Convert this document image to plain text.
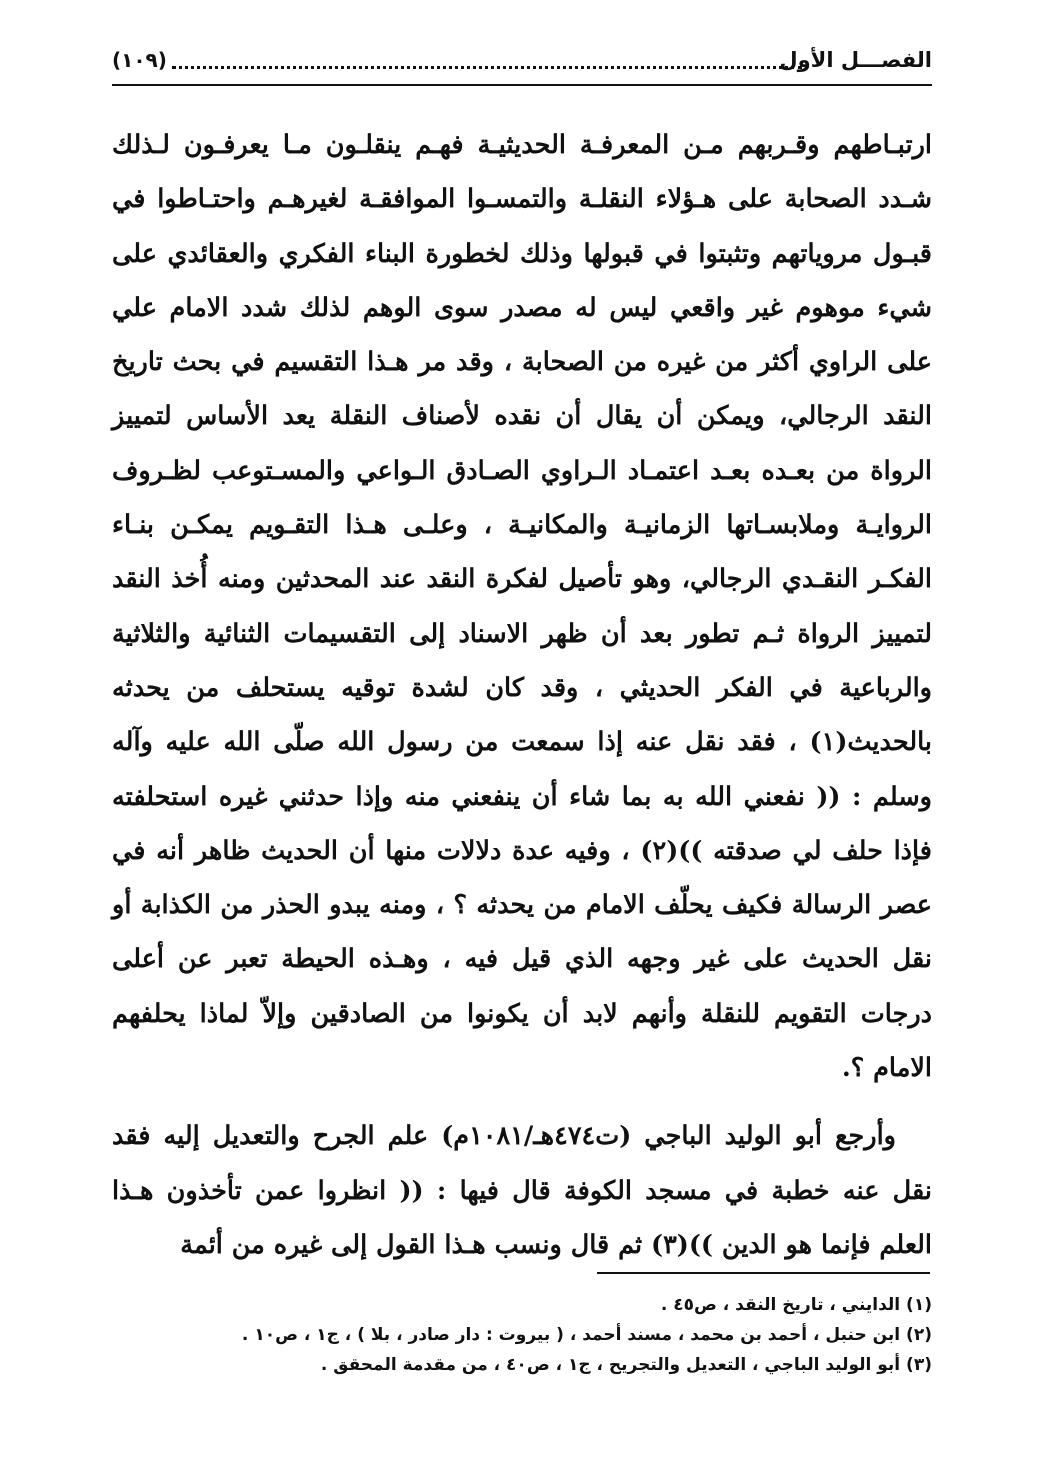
الفصـــل الأول
(١٠٩)

ارتبـاطهم وقـربهم مـن المعرفـة الحديثيـة فهـم ينقلـون مـا يعرفـون لـذلك شـدد الصحابة على هـؤلاء النقلـة والتمسـوا الموافقـة لغيرهـم واحتـاطوا في قبـول مروياتهم وتثبتوا في قبولها وذلك لخطورة البناء الفكري والعقائدي على شيء موهوم غير واقعي ليس له مصدر سوى الوهم لذلك شدد الامام علي على الراوي أكثر من غيره من الصحابة ، وقد مر هـذا التقسيم في بحث تاريخ النقد الرجالي، ويمكن أن يقال أن نقده لأصناف النقلة يعد الأساس لتمييز الرواة من بعـده بعـد اعتمـاد الـراوي الصـادق الـواعي والمسـتوعب لظـروف الروايـة وملابسـاتها الزمانيـة والمكانيـة ، وعلـى هـذا التقـويم يمكـن بنـاء الفكـر النقـدي الرجالي، وهو تأصيل لفكرة النقد عند المحدثين ومنه أُخذ النقد لتمييز الرواة ثـم تطور بعد أن ظهر الاسناد إلى التقسيمات الثنائية والثلاثية والرباعية في الفكر الحديثي ، وقد كان لشدة توقيه يستحلف من يحدثه بالحديث(١) ، فقد نقل عنه إذا سمعت من رسول الله صلّى الله عليه وآله وسلم : (( نفعني الله به بما شاء أن ينفعني منه وإذا حدثني غيره استحلفته فإذا حلف لي صدقته ))(٢) ، وفيه عدة دلالات منها أن الحديث ظاهر أنه في عصر الرسالة فكيف يحلّف الامام من يحدثه ؟ ، ومنه يبدو الحذر من الكذابة أو نقل الحديث على غير وجهه الذي قيل فيه ، وهـذه الحيطة تعبر عن أعلى درجات التقويم للنقلة وأنهم لابد أن يكونوا من الصادقين وإلاّ لماذا يحلفهم الامام ؟.

وأرجع أبو الوليد الباجي (ت٤٧٤هـ/١٠٨١م) علم الجرح والتعديل إليه فقد نقل عنه خطبة في مسجد الكوفة قال فيها : (( انظروا عمن تأخذون هـذا العلم فإنما هو الدين ))(٣) ثم قال ونسب هـذا القول إلى غيره من أئمة

(١) الدايني ، تاريخ النقد ، ص٤٥ .

(٢) ابن حنبل ، أحمد بن محمد ، مسند أحمد ، ( بيروت : دار صادر ، بلا ) ، ج١ ، ص١٠ .

(٣) أبو الوليد الباجي ، التعديل والتجريح ، ج١ ، ص٤٠ ، من مقدمة المحقق .
